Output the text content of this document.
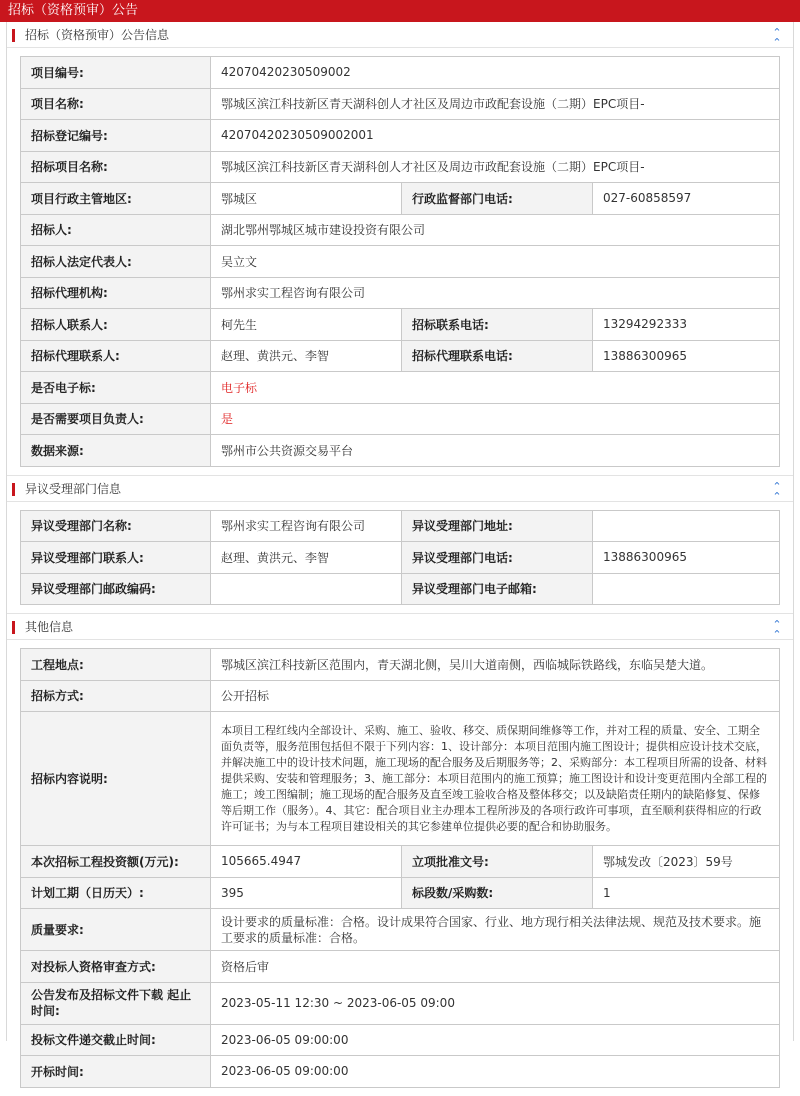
招标（资格预审）公告
招标（资格预审）公告信息	⌃
⌃
项目编号:	42070420230509002		
项目名称:	鄂城区滨江科技新区青天湖科创人才社区及周边市政配套设施（二期）EPC项目-		
招标登记编号:	42070420230509002001		
招标项目名称:	鄂城区滨江科技新区青天湖科创人才社区及周边市政配套设施（二期）EPC项目-		
项目行政主管地区:	鄂城区	行政监督部门电话:	027-60858597
招标人:	湖北鄂州鄂城区城市建设投资有限公司		
招标人法定代表人:	吴立文		
招标代理机构:	鄂州求实工程咨询有限公司		
招标人联系人:	柯先生	招标联系电话:	13294292333
招标代理联系人:	赵理、黄洪元、李智	招标代理联系电话:	13886300965
是否电子标:	电子标		
是否需要项目负责人:	是		
数据来源:	鄂州市公共资源交易平台		
异议受理部门信息	⌃
⌃
异议受理部门名称:	鄂州求实工程咨询有限公司	异议受理部门地址:	
异议受理部门联系人:	赵理、黄洪元、李智	异议受理部门电话:	13886300965
异议受理部门邮政编码:		异议受理部门电子邮箱:	
其他信息	⌃
⌃
工程地点:	鄂城区滨江科技新区范围内，青天湖北侧，吴川大道南侧，西临城际铁路线，东临吴楚大道。		
招标方式:	公开招标		
招标内容说明:	本项目工程红线内全部设计、采购、施工、验收、移交、质保期间维修等工作，并对工程的质量、安全、工期全面负责等，服务范围包括但不限于下列内容：1、设计部分：本项目范围内施工图设计；提供相应设计技术交底，并解决施工中的设计技术问题，施工现场的配合服务及后期服务等；2、采购部分：本工程项目所需的设备、材料提供采购、安装和管理服务；3、施工部分：本项目范围内的施工预算；施工图设计和设计变更范围内全部工程的施工；竣工图编制；施工现场的配合服务及直至竣工验收合格及整体移交；以及缺陷责任期内的缺陷修复、保修等后期工作（服务）。4、其它：配合项目业主办理本工程所涉及的各项行政许可事项，直至顺利获得相应的行政许可证书；为与本工程项目建设相关的其它参建单位提供必要的配合和协助服务。		
本次招标工程投资额(万元):	105665.4947	立项批准文号:	鄂城发改〔2023〕59号
计划工期（日历天）:	395	标段数/采购数:	1
质量要求:	设计要求的质量标准：合格。设计成果符合国家、行业、地方现行相关法律法规、规范及技术要求。施工要求的质量标准：合格。		
对投标人资格审查方式:	资格后审		
公告发布及招标文件下载 起止时间:	2023-05-11 12:30 ~ 2023-06-05 09:00		
投标文件递交截止时间:	2023-06-05 09:00:00		
开标时间:	2023-06-05 09:00:00		
